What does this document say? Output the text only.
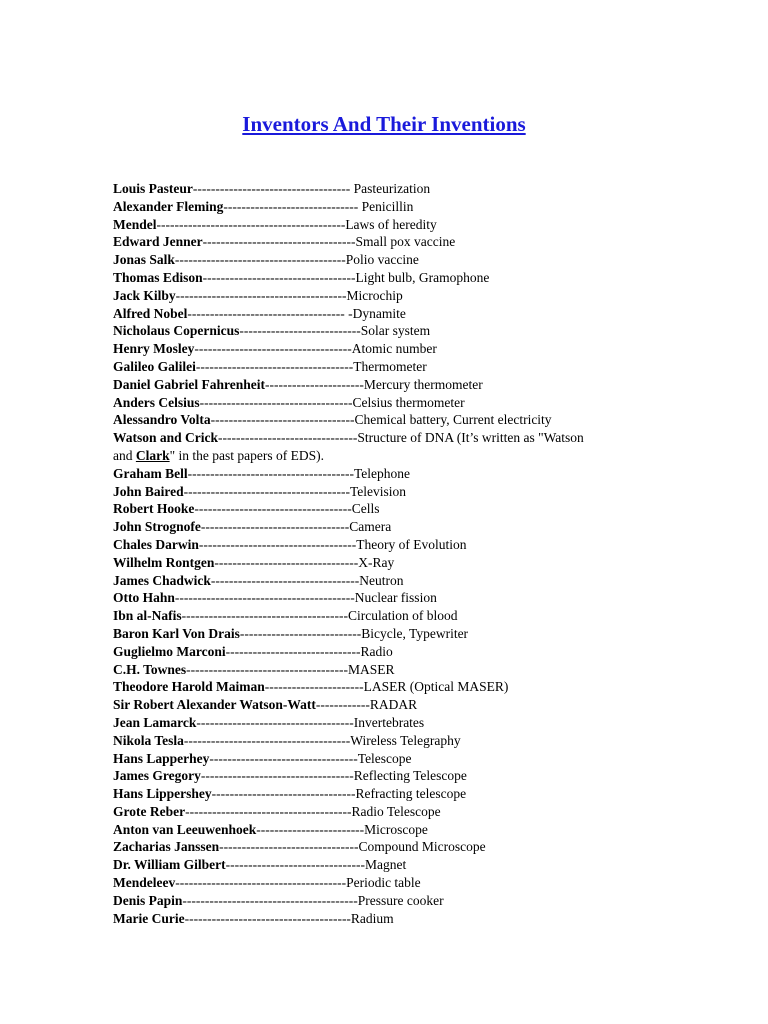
Inventors And Their Inventions
Louis Pasteur----------------------------------- Pasteurization
Alexander Fleming------------------------------ Penicillin
Mendel------------------------------------------Laws of heredity
Edward Jenner----------------------------------Small pox vaccine
Jonas Salk--------------------------------------Polio vaccine
Thomas Edison----------------------------------Light bulb, Gramophone
Jack Kilby--------------------------------------Microchip
Alfred Nobel----------------------------------- -Dynamite
Nicholaus Copernicus---------------------------Solar system
Henry Mosley-----------------------------------Atomic number
Galileo Galilei-----------------------------------Thermometer
Daniel Gabriel Fahrenheit----------------------Mercury thermometer
Anders Celsius----------------------------------Celsius thermometer
Alessandro Volta--------------------------------Chemical battery, Current electricity
Watson and Crick-------------------------------Structure of DNA (It’s written as "Watson
and Clark" in the past papers of EDS).
Graham Bell-------------------------------------Telephone
John Baired-------------------------------------Television
Robert Hooke-----------------------------------Cells
John Strognofe---------------------------------Camera
Chales Darwin-----------------------------------Theory of Evolution
Wilhelm Rontgen--------------------------------X-Ray
James Chadwick---------------------------------Neutron
Otto Hahn----------------------------------------Nuclear fission
Ibn al-Nafis-------------------------------------Circulation of blood
Baron Karl Von Drais---------------------------Bicycle, Typewriter
Guglielmo Marconi------------------------------Radio
C.H. Townes------------------------------------MASER
Theodore Harold Maiman----------------------LASER (Optical MASER)
Sir Robert Alexander Watson-Watt------------RADAR
Jean Lamarck-----------------------------------Invertebrates
Nikola Tesla-------------------------------------Wireless Telegraphy
Hans Lapperhey---------------------------------Telescope
James Gregory----------------------------------Reflecting Telescope
Hans Lippershey--------------------------------Refracting telescope
Grote Reber-------------------------------------Radio Telescope
Anton van Leeuwenhoek------------------------Microscope
Zacharias Janssen-------------------------------Compound Microscope
Dr. William Gilbert-------------------------------Magnet
Mendeleev--------------------------------------Periodic table
Denis Papin---------------------------------------Pressure cooker
Marie Curie-------------------------------------Radium
